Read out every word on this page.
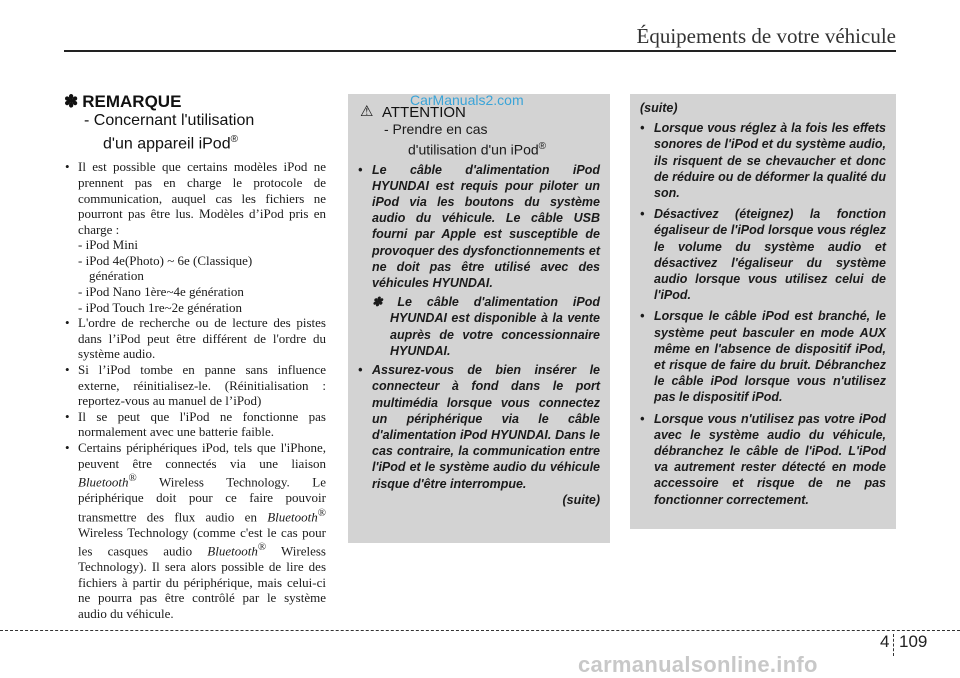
Équipements de votre véhicule
✽ REMARQUE
- Concernant l'utilisation
d'un appareil iPod®
• Il est possible que certains modèles iPod ne prennent pas en charge le protocole de communication, auquel cas les fichiers ne pourront pas être lus. Modèles d’iPod pris en charge :
- iPod Mini
- iPod 4e(Photo) ~ 6e (Classique)
génération
- iPod Nano 1ère~4e génération
- iPod Touch 1re~2e génération
• L'ordre de recherche ou de lecture des pistes dans l’iPod peut être différent de l'ordre du système audio.
• Si l’iPod tombe en panne sans influence externe, réinitialisez-le. (Réinitialisation : reportez-vous au manuel de l’iPod)
• Il se peut que l'iPod ne fonctionne pas normalement avec une batterie faible.
• Certains périphériques iPod, tels que l'iPhone, peuvent être connectés via une liaison Bluetooth® Wireless Technology. Le périphérique doit pour ce faire pouvoir transmettre des flux audio en Bluetooth® Wireless Technology (comme c'est le cas pour les casques audio Bluetooth® Wireless Technology). Il sera alors possible de lire des fichiers à partir du périphérique, mais celui-ci ne pourra pas être contrôlé par le système audio du véhicule.
CarManuals2.com
⚠ ATTENTION
- Prendre en cas
d'utilisation d'un iPod®
• Le câble d'alimentation iPod HYUNDAI est requis pour piloter un iPod via les boutons du système audio du véhicule. Le câble USB fourni par Apple est susceptible de provoquer des dysfonctionnements et ne doit pas être utilisé avec des véhicules HYUNDAI.
✽ Le câble d'alimentation iPod HYUNDAI est disponible à la vente auprès de votre concessionnaire HYUNDAI.
• Assurez-vous de bien insérer le connecteur à fond dans le port multimédia lorsque vous connectez un périphérique via le câble d'alimentation iPod HYUNDAI. Dans le cas contraire, la communication entre l'iPod et le système audio du véhicule risque d'être interrompue.
(suite)
(suite)
• Lorsque vous réglez à la fois les effets sonores de l'iPod et du système audio, ils risquent de se chevaucher et donc de réduire ou de déformer la qualité du son.
• Désactivez (éteignez) la fonction égaliseur de l'iPod lorsque vous réglez le volume du système audio et désactivez l'égaliseur du système audio lorsque vous utilisez celui de l'iPod.
• Lorsque le câble iPod est branché, le système peut basculer en mode AUX même en l'absence de dispositif iPod, et risque de faire du bruit. Débranchez le câble iPod lorsque vous n'utilisez pas le dispositif iPod.
• Lorsque vous n'utilisez pas votre iPod avec le système audio du véhicule, débranchez le câble de l'iPod. L'iPod va autrement rester détecté en mode accessoire et risque de ne pas fonctionner correctement.
4 109
carmanualsonline.info
